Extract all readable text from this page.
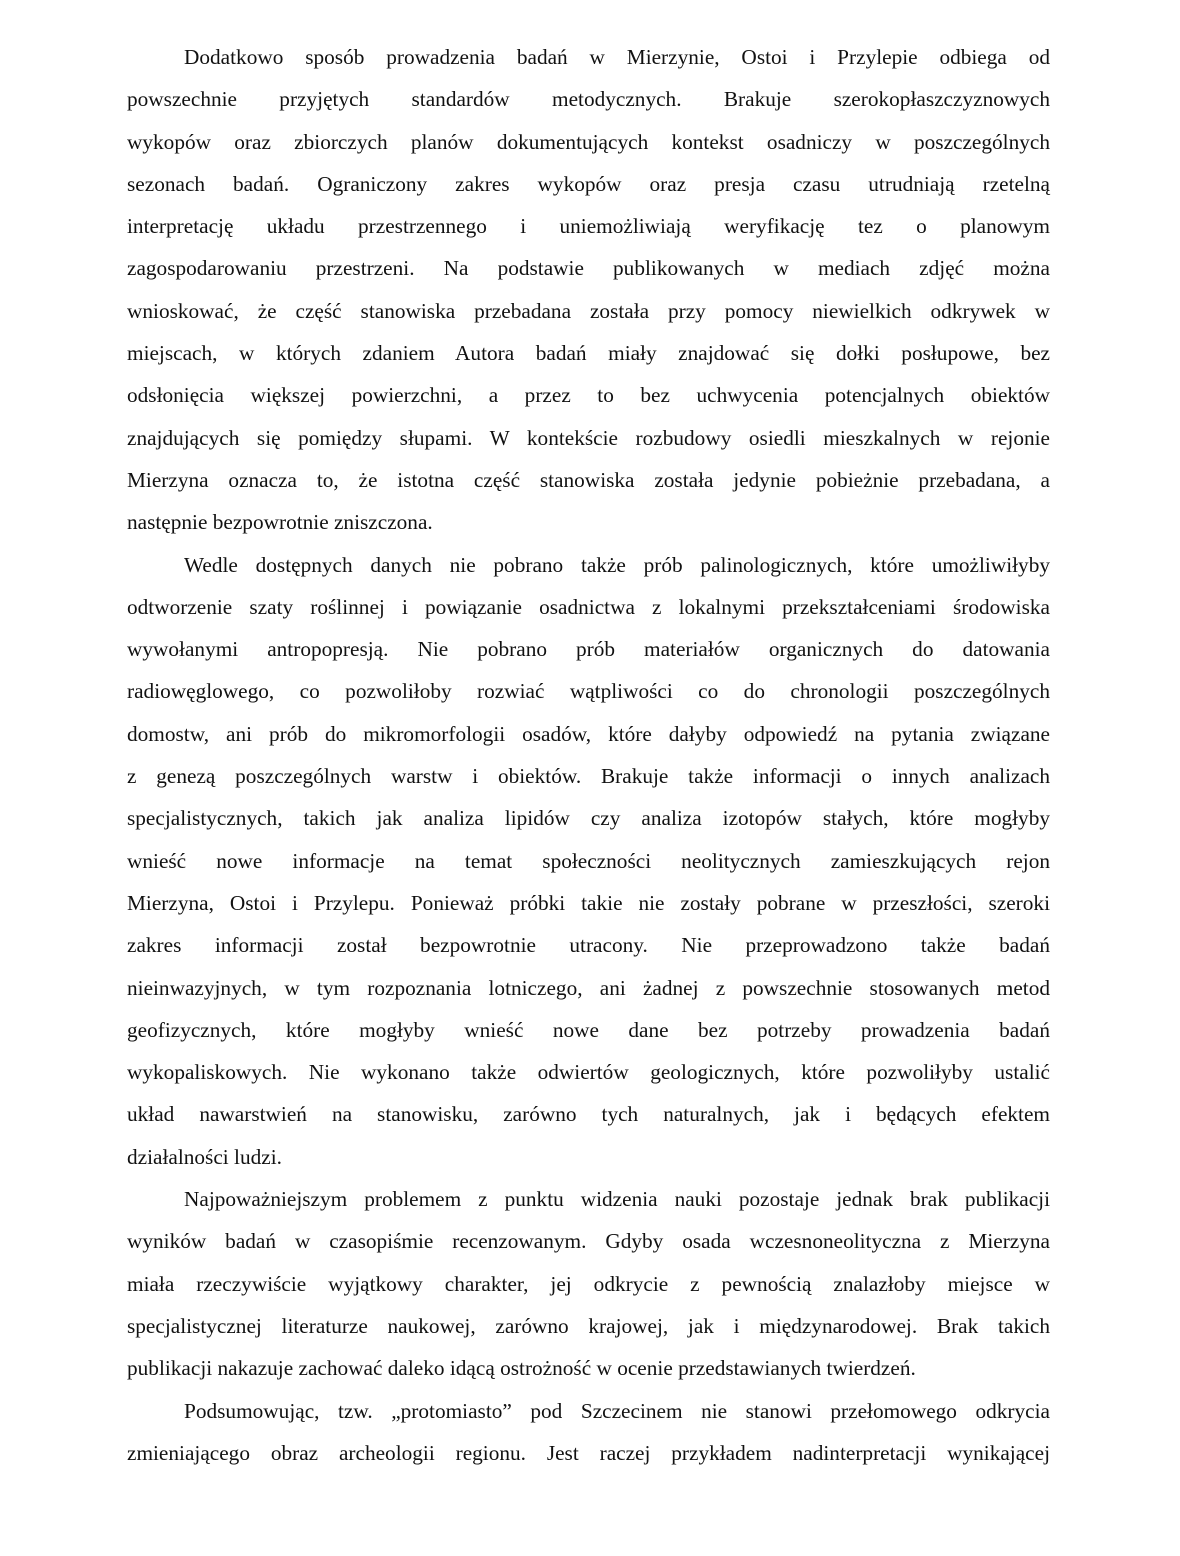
Dodatkowo sposób prowadzenia badań w Mierzynie, Ostoi i Przylepie odbiega od
powszechnie przyjętych standardów metodycznych. Brakuje szerokopłaszczyznowych
wykopów oraz zbiorczych planów dokumentujących kontekst osadniczy w poszczególnych
sezonach badań. Ograniczony zakres wykopów oraz presja czasu utrudniają rzetelną
interpretację układu przestrzennego i uniemożliwiają weryfikację tez o planowym
zagospodarowaniu przestrzeni. Na podstawie publikowanych w mediach zdjęć można
wnioskować, że część stanowiska przebadana została przy pomocy niewielkich odkrywek w
miejscach, w których zdaniem Autora badań miały znajdować się dołki posłupowe, bez
odsłonięcia większej powierzchni, a przez to bez uchwycenia potencjalnych obiektów
znajdujących się pomiędzy słupami. W kontekście rozbudowy osiedli mieszkalnych w rejonie
Mierzyna oznacza to, że istotna część stanowiska została jedynie pobieżnie przebadana, a
następnie bezpowrotnie zniszczona.
Wedle dostępnych danych nie pobrano także prób palinologicznych, które umożliwiłyby
odtworzenie szaty roślinnej i powiązanie osadnictwa z lokalnymi przekształceniami środowiska
wywołanymi antropopresją. Nie pobrano prób materiałów organicznych do datowania
radiowęglowego, co pozwoliłoby rozwiać wątpliwości co do chronologii poszczególnych
domostw, ani prób do mikromorfologii osadów, które dałyby odpowiedź na pytania związane
z genezą poszczególnych warstw i obiektów. Brakuje także informacji o innych analizach
specjalistycznych, takich jak analiza lipidów czy analiza izotopów stałych, które mogłyby
wnieść nowe informacje na temat społeczności neolitycznych zamieszkujących rejon
Mierzyna, Ostoi i Przylepu. Ponieważ próbki takie nie zostały pobrane w przeszłości, szeroki
zakres informacji został bezpowrotnie utracony. Nie przeprowadzono także badań
nieinwazyjnych, w tym rozpoznania lotniczego, ani żadnej z powszechnie stosowanych metod
geofizycznych, które mogłyby wnieść nowe dane bez potrzeby prowadzenia badań
wykopaliskowych. Nie wykonano także odwiertów geologicznych, które pozwoliłyby ustalić
układ nawarstwień na stanowisku, zarówno tych naturalnych, jak i będących efektem
działalności ludzi.
Najpoważniejszym problemem z punktu widzenia nauki pozostaje jednak brak publikacji
wyników badań w czasopiśmie recenzowanym. Gdyby osada wczesnoneolityczna z Mierzyna
miała rzeczywiście wyjątkowy charakter, jej odkrycie z pewnością znalazłoby miejsce w
specjalistycznej literaturze naukowej, zarówno krajowej, jak i międzynarodowej. Brak takich
publikacji nakazuje zachować daleko idącą ostrożność w ocenie przedstawianych twierdzeń.
Podsumowując, tzw. „protomiasto” pod Szczecinem nie stanowi przełomowego odkrycia
zmieniającego obraz archeologii regionu. Jest raczej przykładem nadinterpretacji wynikającej
